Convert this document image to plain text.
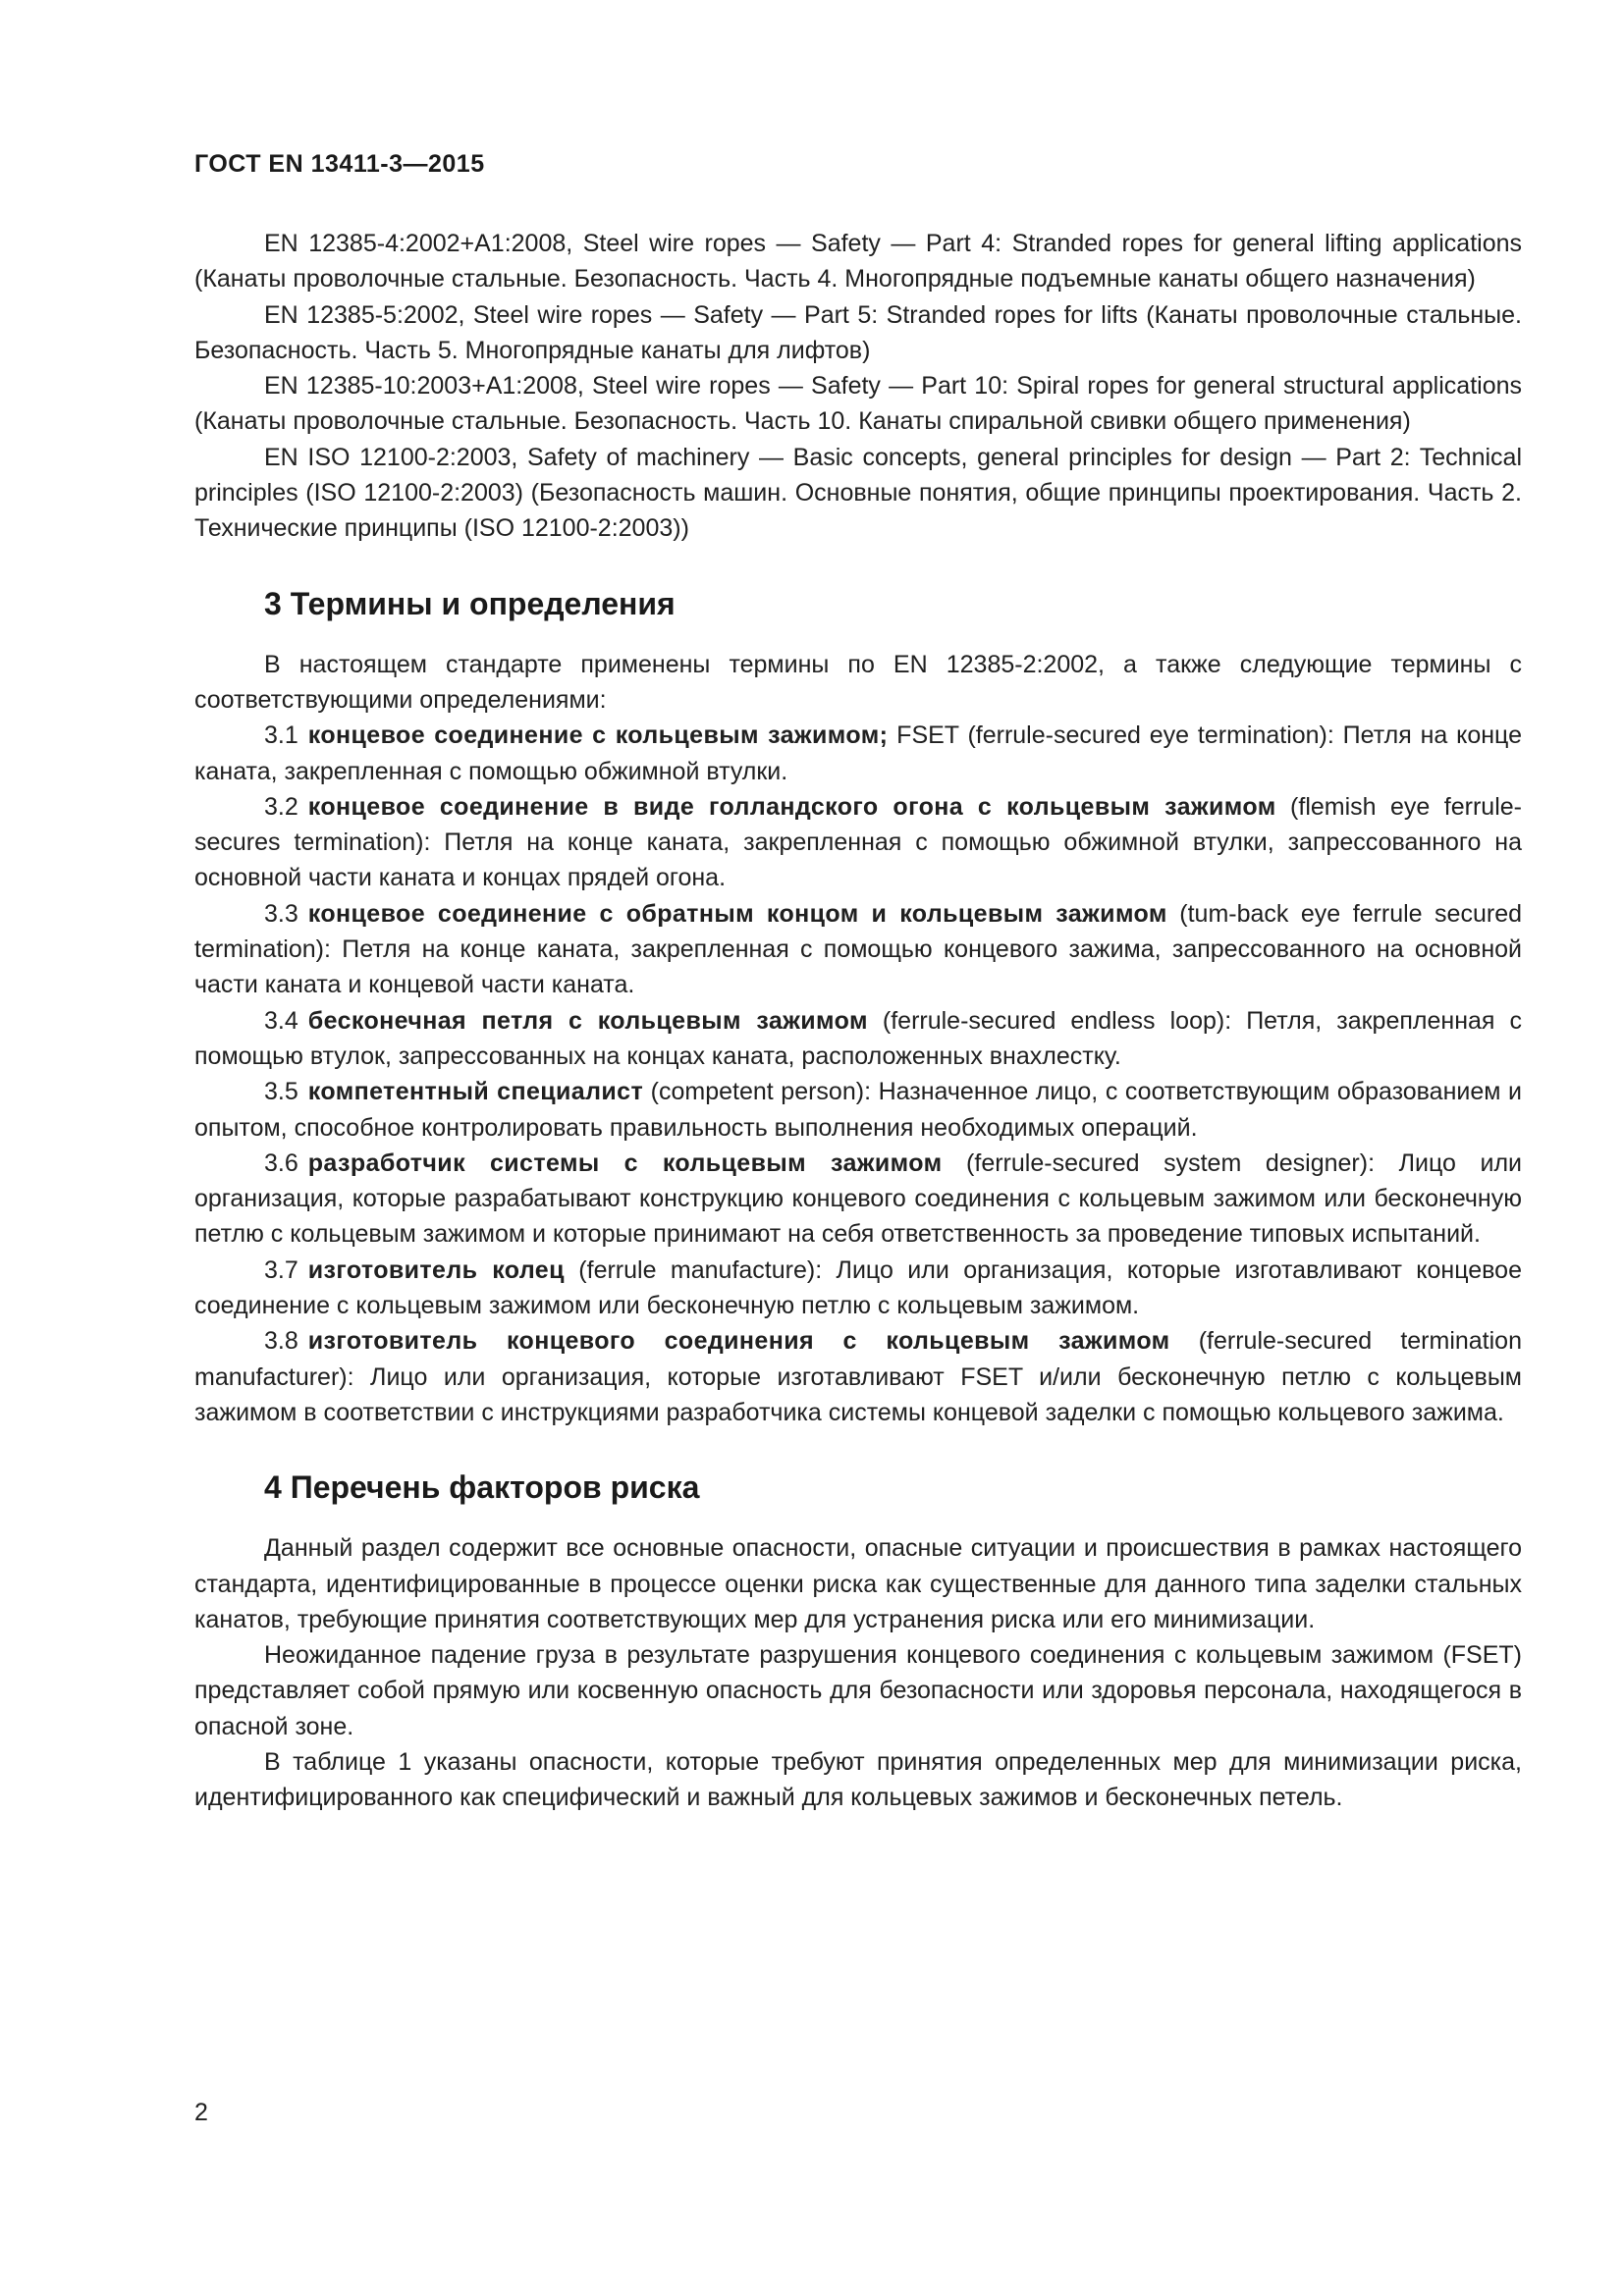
ГОСТ EN 13411-3—2015

EN 12385-4:2002+A1:2008, Steel wire ropes — Safety — Part 4: Stranded ropes for general lifting applications (Канаты проволочные стальные. Безопасность. Часть 4. Многопрядные подъемные канаты общего назначения)

EN 12385-5:2002, Steel wire ropes — Safety — Part 5: Stranded ropes for lifts (Канаты проволочные стальные. Безопасность. Часть 5. Многопрядные канаты для лифтов)

EN 12385-10:2003+A1:2008, Steel wire ropes — Safety — Part 10: Spiral ropes for general structural applications (Канаты проволочные стальные. Безопасность. Часть 10. Канаты спиральной свивки общего применения)

EN ISO 12100-2:2003, Safety of machinery — Basic concepts, general principles for design — Part 2: Technical principles (ISO 12100-2:2003) (Безопасность машин. Основные понятия, общие принципы проектирования. Часть 2. Технические принципы (ISO 12100-2:2003))

3 Термины и определения

В настоящем стандарте применены термины по EN 12385-2:2002, а также следующие термины с соответствующими определениями:

3.1 концевое соединение с кольцевым зажимом; FSET (ferrule-secured eye termination): Петля на конце каната, закрепленная с помощью обжимной втулки.

3.2 концевое соединение в виде голландского огона с кольцевым зажимом (flemish eye ferrule-secures termination): Петля на конце каната, закрепленная с помощью обжимной втулки, запрессованного на основной части каната и концах прядей огона.

3.3 концевое соединение с обратным концом и кольцевым зажимом (tum-back eye ferrule secured termination): Петля на конце каната, закрепленная с помощью концевого зажима, запрессованного на основной части каната и концевой части каната.

3.4 бесконечная петля с кольцевым зажимом (ferrule-secured endless loop): Петля, закрепленная с помощью втулок, запрессованных на концах каната, расположенных внахлестку.

3.5 компетентный специалист (competent person): Назначенное лицо, с соответствующим образованием и опытом, способное контролировать правильность выполнения необходимых операций.

3.6 разработчик системы с кольцевым зажимом (ferrule-secured system designer): Лицо или организация, которые разрабатывают конструкцию концевого соединения с кольцевым зажимом или бесконечную петлю с кольцевым зажимом и которые принимают на себя ответственность за проведение типовых испытаний.

3.7 изготовитель колец (ferrule manufacture): Лицо или организация, которые изготавливают концевое соединение с кольцевым зажимом или бесконечную петлю с кольцевым зажимом.

3.8 изготовитель концевого соединения с кольцевым зажимом (ferrule-secured termination manufacturer): Лицо или организация, которые изготавливают FSET и/или бесконечную петлю с кольцевым зажимом в соответствии с инструкциями разработчика системы концевой заделки с помощью кольцевого зажима.

4 Перечень факторов риска

Данный раздел содержит все основные опасности, опасные ситуации и происшествия в рамках настоящего стандарта, идентифицированные в процессе оценки риска как существенные для данного типа заделки стальных канатов, требующие принятия соответствующих мер для устранения риска или его минимизации.

Неожиданное падение груза в результате разрушения концевого соединения с кольцевым зажимом (FSET) представляет собой прямую или косвенную опасность для безопасности или здоровья персонала, находящегося в опасной зоне.

В таблице 1 указаны опасности, которые требуют принятия определенных мер для минимизации риска, идентифицированного как специфический и важный для кольцевых зажимов и бесконечных петель.

2
